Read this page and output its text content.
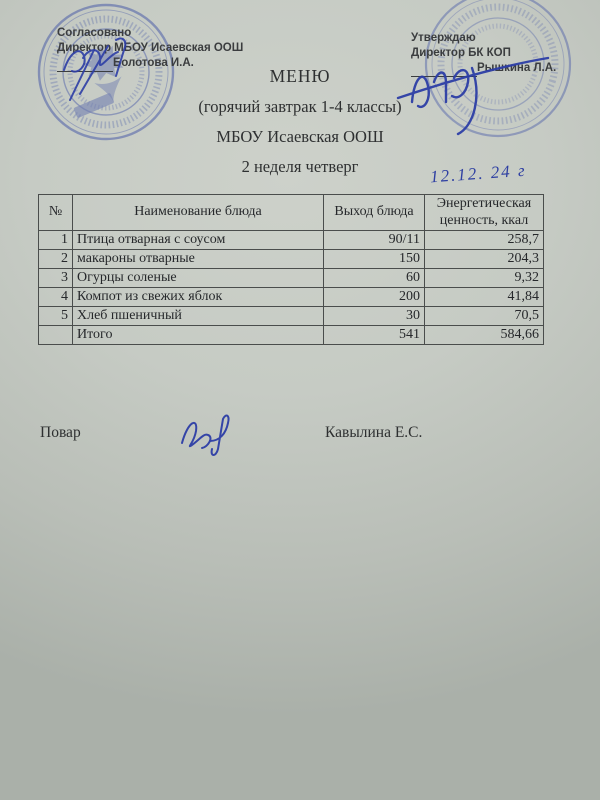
Согласовано
Директор МБОУ Исаевская ООШ
Болотова И.А.
Утверждаю
Директор БК КОП
Рышкина Л.А.
МЕНЮ
(горячий завтрак 1-4 классы)
МБОУ Исаевская ООШ
2 неделя четверг	12.12. 24 г
№	Наименование блюда	Выход блюда	Энергетическая ценность, ккал
1	Птица отварная с соусом	90/11	258,7
2	макароны отварные	150	204,3
3	Огурцы соленые	60	9,32
4	Компот из свежих яблок	200	41,84
5	Хлеб пшеничный	30	70,5
	Итого	541	584,66
Повар	Кавылина Е.С.
